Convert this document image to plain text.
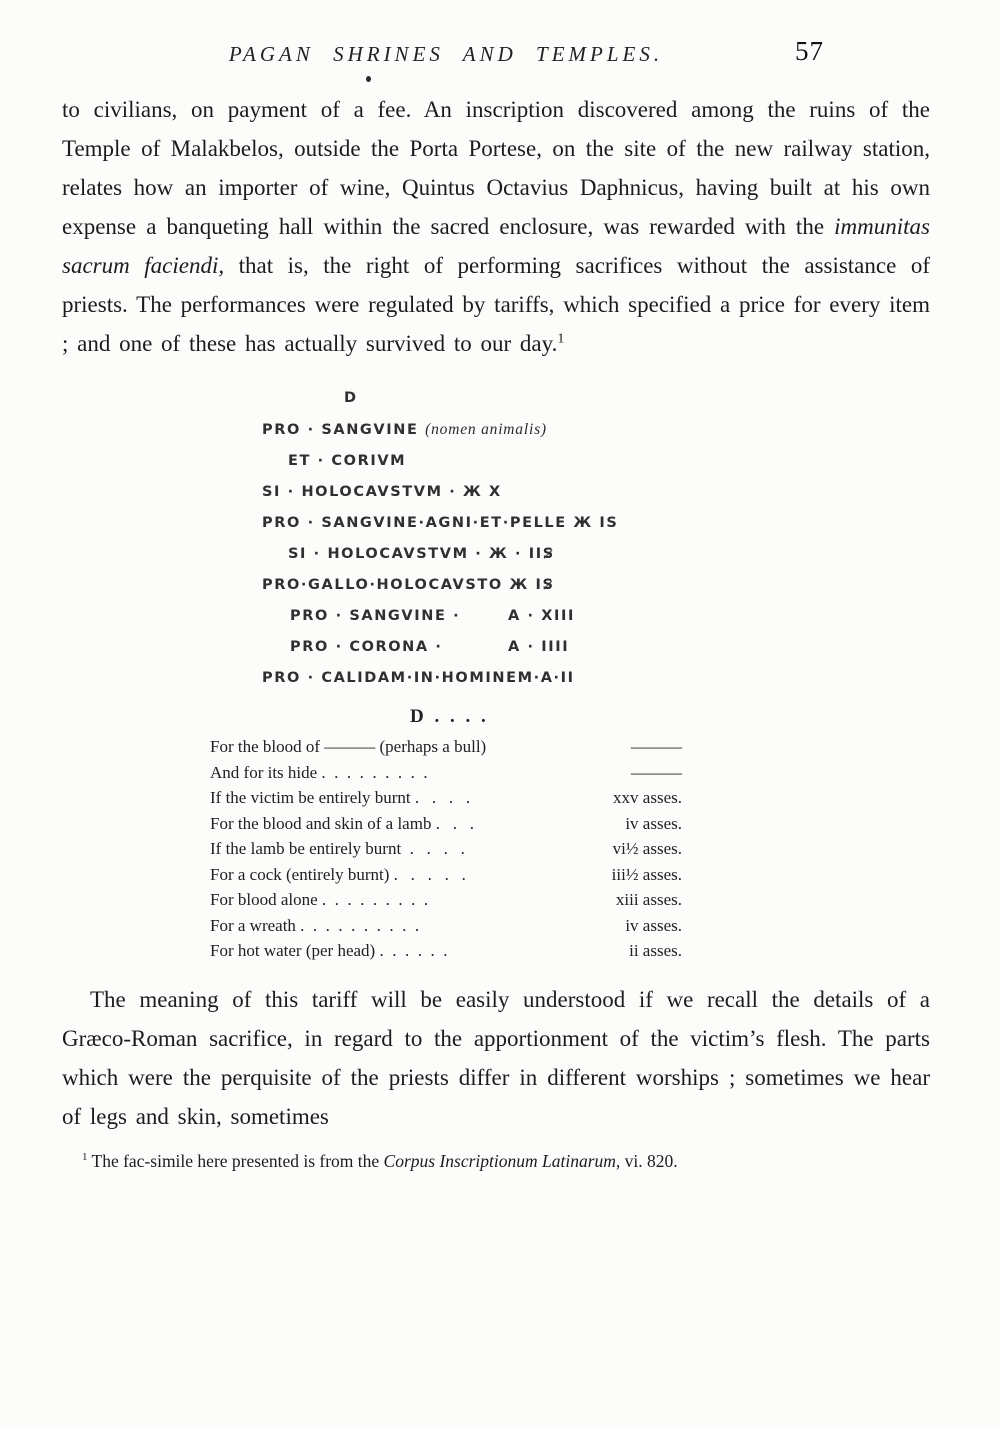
PAGAN SHRINES AND TEMPLES.	57

to civilians, on payment of a fee. An inscription discovered among the ruins of the Temple of Malakbelos, outside the Porta Portese, on the site of the new railway station, relates how an importer of wine, Quintus Octavius Daphnicus, having built at his own expense a banqueting hall within the sacred enclosure, was rewarded with the immunitas sacrum faciendi, that is, the right of performing sacrifices without the assistance of priests. The performances were regulated by tariffs, which specified a price for every item ; and one of these has actually survived to our day.$^1$

D
PRO · SANGVINE (nomen animalis)
ET · CORIVM
SI · HOLOCAVSTVM · Ж X
PRO · SANGVINE·AGNI·ET·PELLE Ж IS
SI · HOLOCAVSTVM · Ж · IIS̷
PRO·GALLO·HOLOCAVSTO Ж IS̷
PRO · SANGVINE ·	A · XIII
PRO · CORONA ·	A · IIII
PRO · CALIDAM·IN·HOMINEM·A·II
D . . . .
For the blood of ——— (perhaps a bull)	———
And for its hide .  .  .  .  .  .  .  .  .	———
If the victim be entirely burnt .   .   .   .	xxv asses.
For the blood and skin of a lamb .   .   .	iv asses.
If the lamb be entirely burnt  .   .   .   .	vi½ asses.
For a cock (entirely burnt) .   .   .   .   .	iii½ asses.
For blood alone .  .  .  .  .  .  .  .  .	xiii asses.
For a wreath .  .  .  .  .  .  .  .  .  .	iv asses.
For hot water (per head) .  .  .  .  .  .	ii asses.

The meaning of this tariff will be easily understood if we recall the details of a Græco-Roman sacrifice, in regard to the apportionment of the victim’s flesh. The parts which were the perquisite of the priests differ in different worships ; sometimes we hear of legs and skin, sometimes

$^1$ The fac-simile here presented is from the Corpus Inscriptionum Latinarum, vi. 820.
